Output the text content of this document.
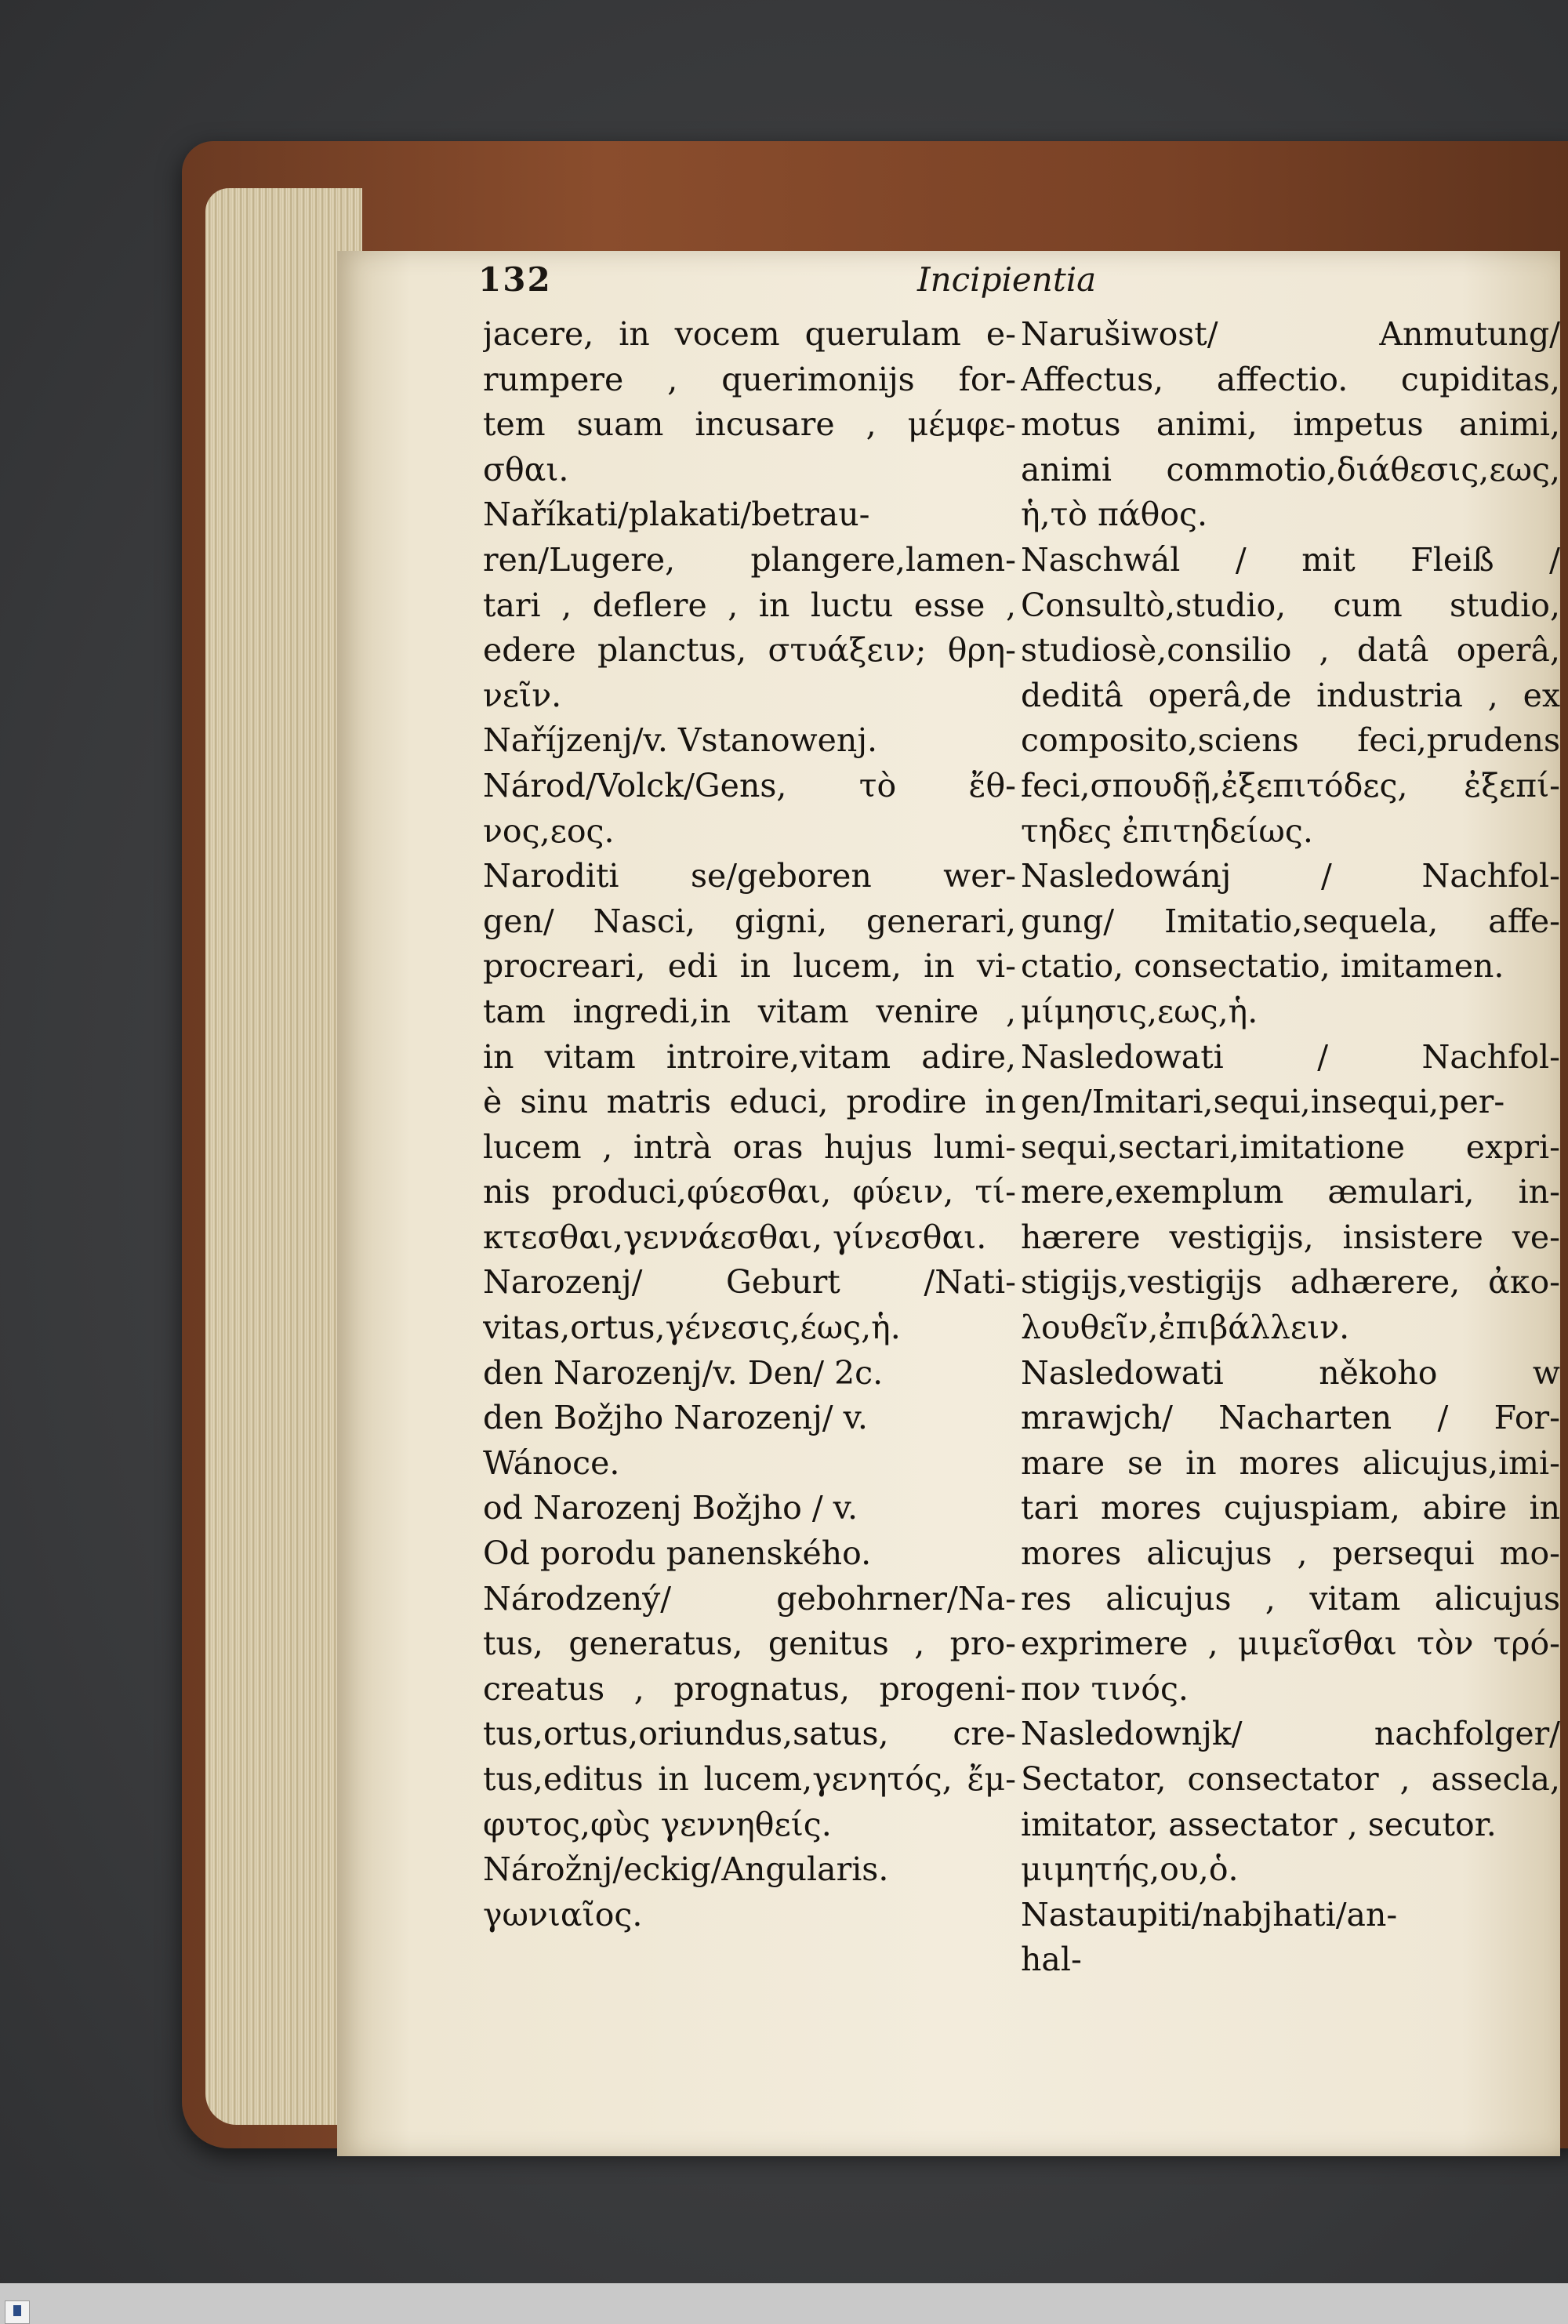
132	Incipientia
jacere, in vocem querulam e-
rumpere , querimonijs for-
tem suam incusare , μέμφε-
σθαι.
Naříkati/plakati/betrau-
ren/Lugere, plangere,lamen-
tari , deflere , in luctu esse ,
edere planctus, στυάξειν; θρη-
νεῖν.
Naříjzenj/v. Vstanowenj.
Národ/Volck/Gens, τὸ ἔθ-
νος,εος.
Naroditi se/geboren wer-
gen/ Nasci, gigni, generari,
procreari, edi in lucem, in vi-
tam ingredi,in vitam venire ,
in vitam introire,vitam adire,
è sinu matris educi, prodire in
lucem , intrà oras hujus lumi-
nis produci,φύεσθαι, φύειν, τί-
κτεσθαι,γεννάεσθαι, γίνεσθαι.
Narozenj/ Geburt /Nati-
vitas,ortus,γένεσις,έως,ἡ.
den Narozenj/v. Den/ 2c.
den Božjho Narozenj/ v.
Wánoce.
od Narozenj Božjho / v.
Od porodu panenského.
Národzený/ gebohrner/Na-
tus, generatus, genitus , pro-
creatus , prognatus, progeni-
tus,ortus,oriundus,satus, cre-
tus,editus in lucem,γενητός, ἔμ-
φυτος,φὺς γεννηθείς.
Nárožnj/eckig/Angularis.
γωνιαῖος.
Narušiwost/ Anmutung/
Affectus, affectio. cupiditas,
motus animi, impetus animi,
animi commotio,διάθεσις,εως,
ἡ,τὸ πάθος.
Naschwál / mit Fleiß /
Consultò,studio, cum studio,
studiosè,consilio , datâ operâ,
deditâ operâ,de industria , ex
composito,sciens feci,prudens
feci,σπουδῇ,ἐξεπιτόδες, ἐξεπί-
τηδες ἐπιτηδείως.
Nasledowánj / Nachfol-
gung/ Imitatio,sequela, affe-
ctatio, consectatio, imitamen.
μίμησις,εως,ἡ.
Nasledowati / Nachfol-
gen/Imitari,sequi,insequi,per-
sequi,sectari,imitatione expri-
mere,exemplum æmulari, in-
hærere vestigijs, insistere ve-
stigijs,vestigijs adhærere, ἀκο-
λουθεῖν,ἐπιβάλλειν.
Nasledowati někoho w
mrawjch/ Nacharten / For-
mare se in mores alicujus,imi-
tari mores cujuspiam, abire in
mores alicujus , persequi mo-
res alicujus , vitam alicujus
exprimere , μιμεῖσθαι τὸν τρό-
πον τινός.
Nasledownjk/ nachfolger/
Sectator, consectator , assecla,
imitator, assectator , secutor.
μιμητής,ου,ὁ.
Nastaupiti/nabjhati/an-
hal-
